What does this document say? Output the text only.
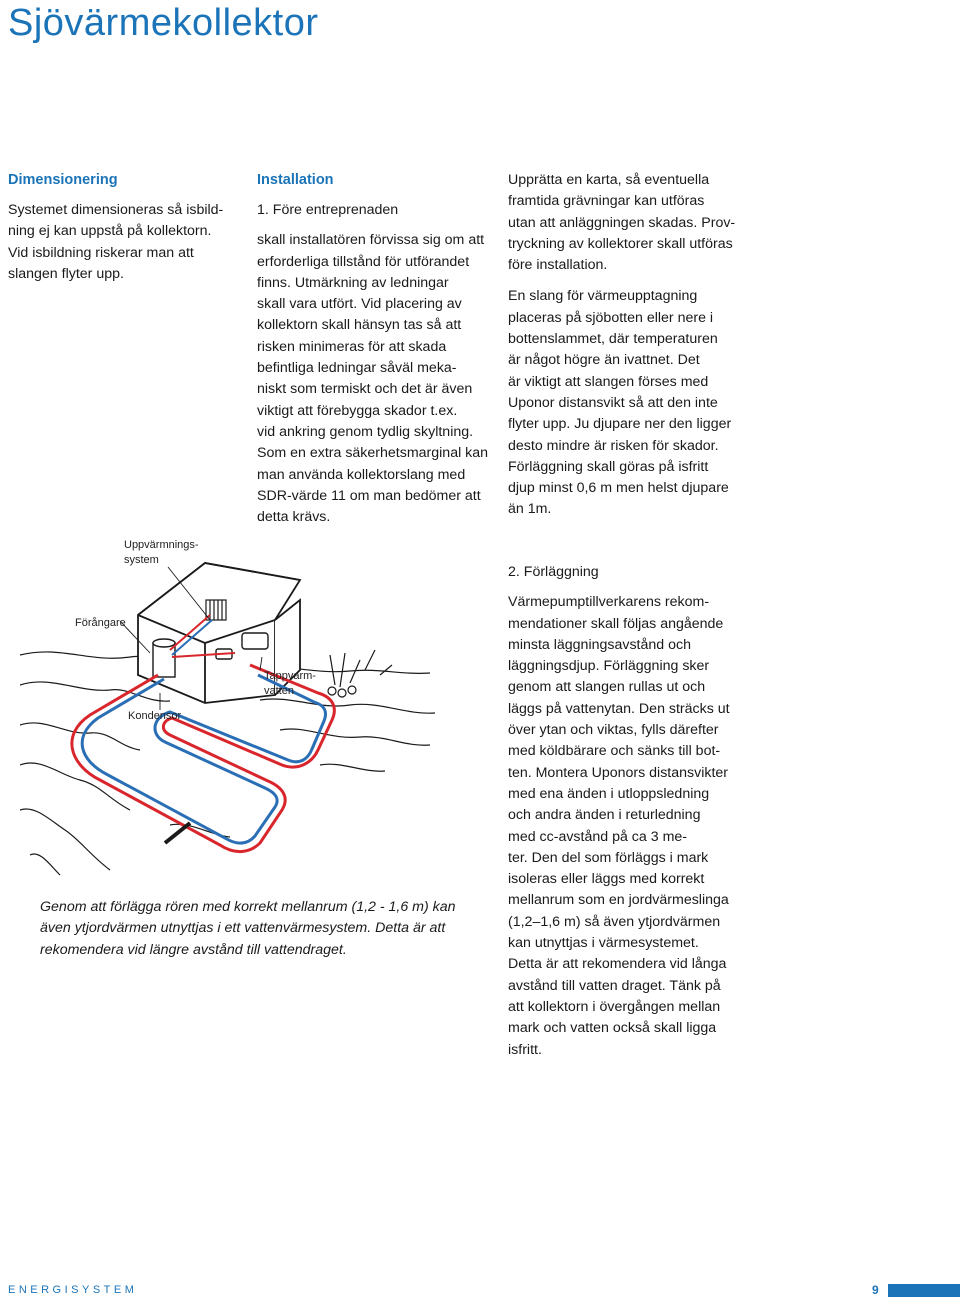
Sjövärmekollektor
Dimensionering

Systemet dimensioneras så isbild-
ning ej kan uppstå på kollektorn.
Vid isbildning riskerar man att
slangen flyter upp.

Installation
1. Före entreprenaden

skall installatören förvissa sig om att
erforderliga tillstånd för utförandet
finns. Utmärkning av ledningar
skall vara utfört. Vid placering av
kollektorn skall hänsyn tas så att
risken minimeras för att skada
befintliga ledningar såväl meka-
niskt som termiskt och det är även
viktigt att förebygga skador t.ex.
vid ankring genom tydlig skyltning.
Som en extra säkerhetsmarginal kan
man använda kollektorslang med
SDR-värde 11 om man bedömer att
detta krävs.

Upprätta en karta, så eventuella
framtida grävningar kan utföras
utan att anläggningen skadas. Prov-
tryckning av kollektorer skall utföras
före installation.

En slang för värmeupptagning
placeras på sjöbotten eller nere i
bottenslammet, där temperaturen
är något högre än ivattnet. Det
är viktigt att slangen förses med
Uponor distansvikt så att den inte
flyter upp. Ju djupare ner den ligger
desto mindre är risken för skador.
Förläggning skall göras på isfritt
djup minst 0,6 m men helst djupare
än 1m.

2. Förläggning

Värmepumptillverkarens rekom-
mendationer skall följas angående
minsta läggningsavstånd och
läggningsdjup. Förläggning sker
genom att slangen rullas ut och
läggs på vattenytan. Den sträcks ut
över ytan och viktas, fylls därefter
med köldbärare och sänks till bot-
ten. Montera Uponors distansvikter
med ena änden i utloppsledning
och andra änden i returledning
med cc-avstånd på ca 3 me-
ter. Den del som förläggs i mark
isoleras eller läggs med korrekt
mellanrum som en jordvärmeslinga
(1,2–1,6 m) så även ytjordvärmen
kan utnyttjas i värmesystemet.
Detta är att rekomendera vid långa
avstånd till vatten draget. Tänk på
att kollektorn i övergången mellan
mark och vatten också skall ligga
isfritt.

Uppvärmnings-
system
Förångare
Kondensor
Tappvarm-
vatten
Genom att förlägga rören med korrekt mellanrum (1,2 - 1,6 m) kan även ytjordvärmen utnyttjas i ett vattenvärmesystem. Detta är att rekomendera vid längre avstånd till vattendraget.
ENERGISYSTEM	9
